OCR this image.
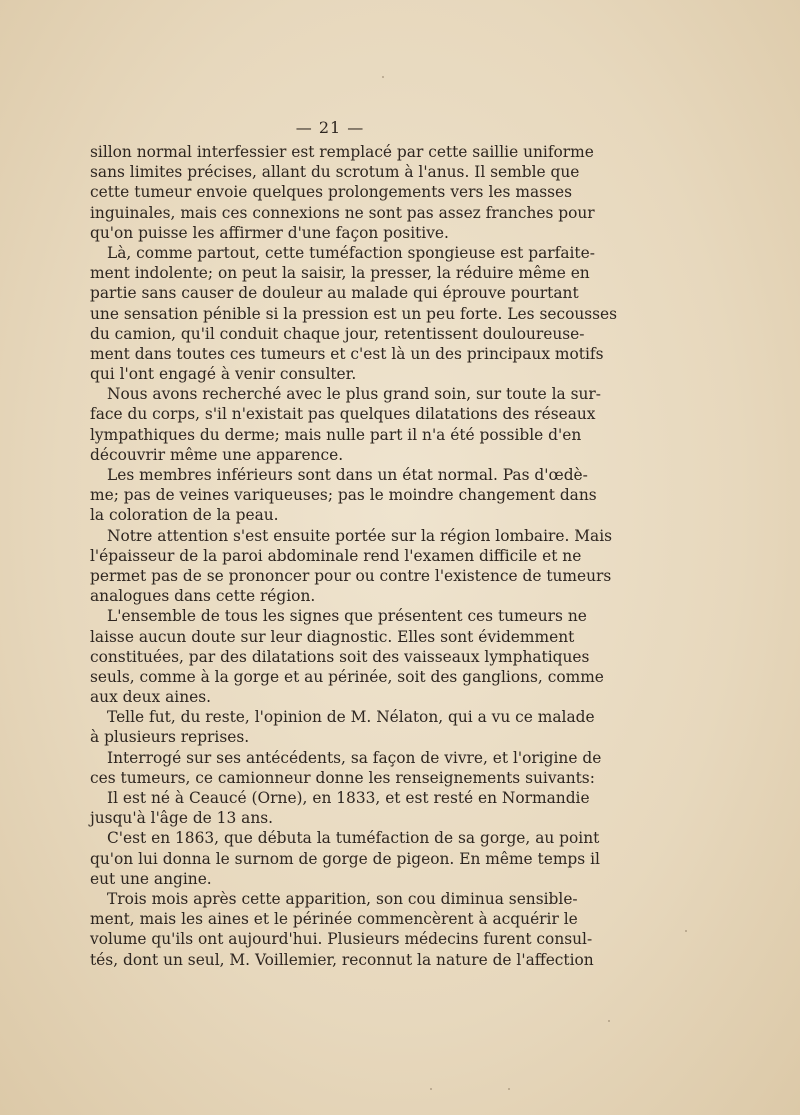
— 21 —
sillon normal interfessier est remplacé par cette saillie uniforme
sans limites précises, allant du scrotum à l'anus. Il semble que
cette tumeur envoie quelques prolongements vers les masses
inguinales, mais ces connexions ne sont pas assez franches pour
qu'on puisse les affirmer d'une façon positive.
Là, comme partout, cette tuméfaction spongieuse est parfaite-
ment indolente; on peut la saisir, la presser, la réduire même en
partie sans causer de douleur au malade qui éprouve pourtant
une sensation pénible si la pression est un peu forte. Les secousses
du camion, qu'il conduit chaque jour, retentissent douloureuse-
ment dans toutes ces tumeurs et c'est là un des principaux motifs
qui l'ont engagé à venir consulter.
Nous avons recherché avec le plus grand soin, sur toute la sur-
face du corps, s'il n'existait pas quelques dilatations des réseaux
lympathiques du derme; mais nulle part il n'a été possible d'en
découvrir même une apparence.
Les membres inférieurs sont dans un état normal. Pas d'œdè-
me; pas de veines variqueuses; pas le moindre changement dans
la coloration de la peau.
Notre attention s'est ensuite portée sur la région lombaire. Mais
l'épaisseur de la paroi abdominale rend l'examen difficile et ne
permet pas de se prononcer pour ou contre l'existence de tumeurs
analogues dans cette région.
L'ensemble de tous les signes que présentent ces tumeurs ne
laisse aucun doute sur leur diagnostic. Elles sont évidemment
constituées, par des dilatations soit des vaisseaux lymphatiques
seuls, comme à la gorge et au périnée, soit des ganglions, comme
aux deux aines.
Telle fut, du reste, l'opinion de M. Nélaton, qui a vu ce malade
à plusieurs reprises.
Interrogé sur ses antécédents, sa façon de vivre, et l'origine de
ces tumeurs, ce camionneur donne les renseignements suivants:
Il est né à Ceaucé (Orne), en 1833, et est resté en Normandie
jusqu'à l'âge de 13 ans.
C'est en 1863, que débuta la tuméfaction de sa gorge, au point
qu'on lui donna le surnom de gorge de pigeon. En même temps il
eut une angine.
Trois mois après cette apparition, son cou diminua sensible-
ment, mais les aines et le périnée commencèrent à acquérir le
volume qu'ils ont aujourd'hui. Plusieurs médecins furent consul-
tés, dont un seul, M. Voillemier, reconnut la nature de l'affection
